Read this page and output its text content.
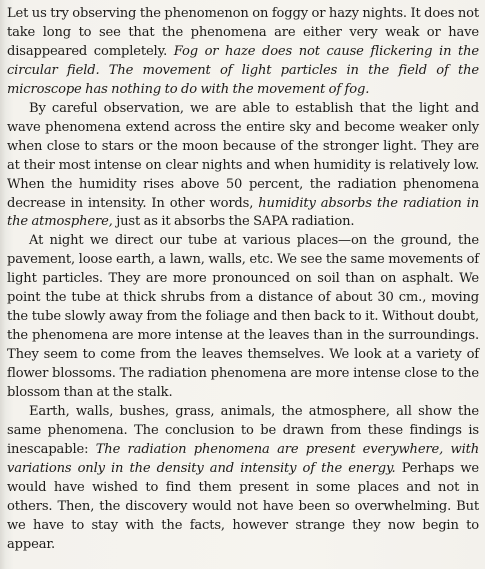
Let us try observing the phenomenon on foggy or hazy nights. It does not take long to see that the phenomena are either very weak or have disappeared completely. Fog or haze does not cause flickering in the circular field. The movement of light particles in the field of the microscope has nothing to do with the movement of fog.

By careful observation, we are able to establish that the light and wave phenomena extend across the entire sky and become weaker only when close to stars or the moon because of the stronger light. They are at their most intense on clear nights and when humidity is relatively low. When the humidity rises above 50 percent, the radiation phenomena decrease in intensity. In other words, humidity absorbs the radiation in the atmosphere, just as it absorbs the SAPA radiation.

At night we direct our tube at various places—on the ground, the pavement, loose earth, a lawn, walls, etc. We see the same movements of light particles. They are more pronounced on soil than on asphalt. We point the tube at thick shrubs from a distance of about 30 cm., moving the tube slowly away from the foliage and then back to it. Without doubt, the phenomena are more intense at the leaves than in the surroundings. They seem to come from the leaves themselves. We look at a variety of flower blossoms. The radiation phenomena are more intense close to the blossom than at the stalk.

Earth, walls, bushes, grass, animals, the atmosphere, all show the same phenomena. The conclusion to be drawn from these findings is inescapable: The radiation phenomena are present everywhere, with variations only in the density and intensity of the energy. Perhaps we would have wished to find them present in some places and not in others. Then, the discovery would not have been so overwhelming. But we have to stay with the facts, however strange they now begin to appear.
